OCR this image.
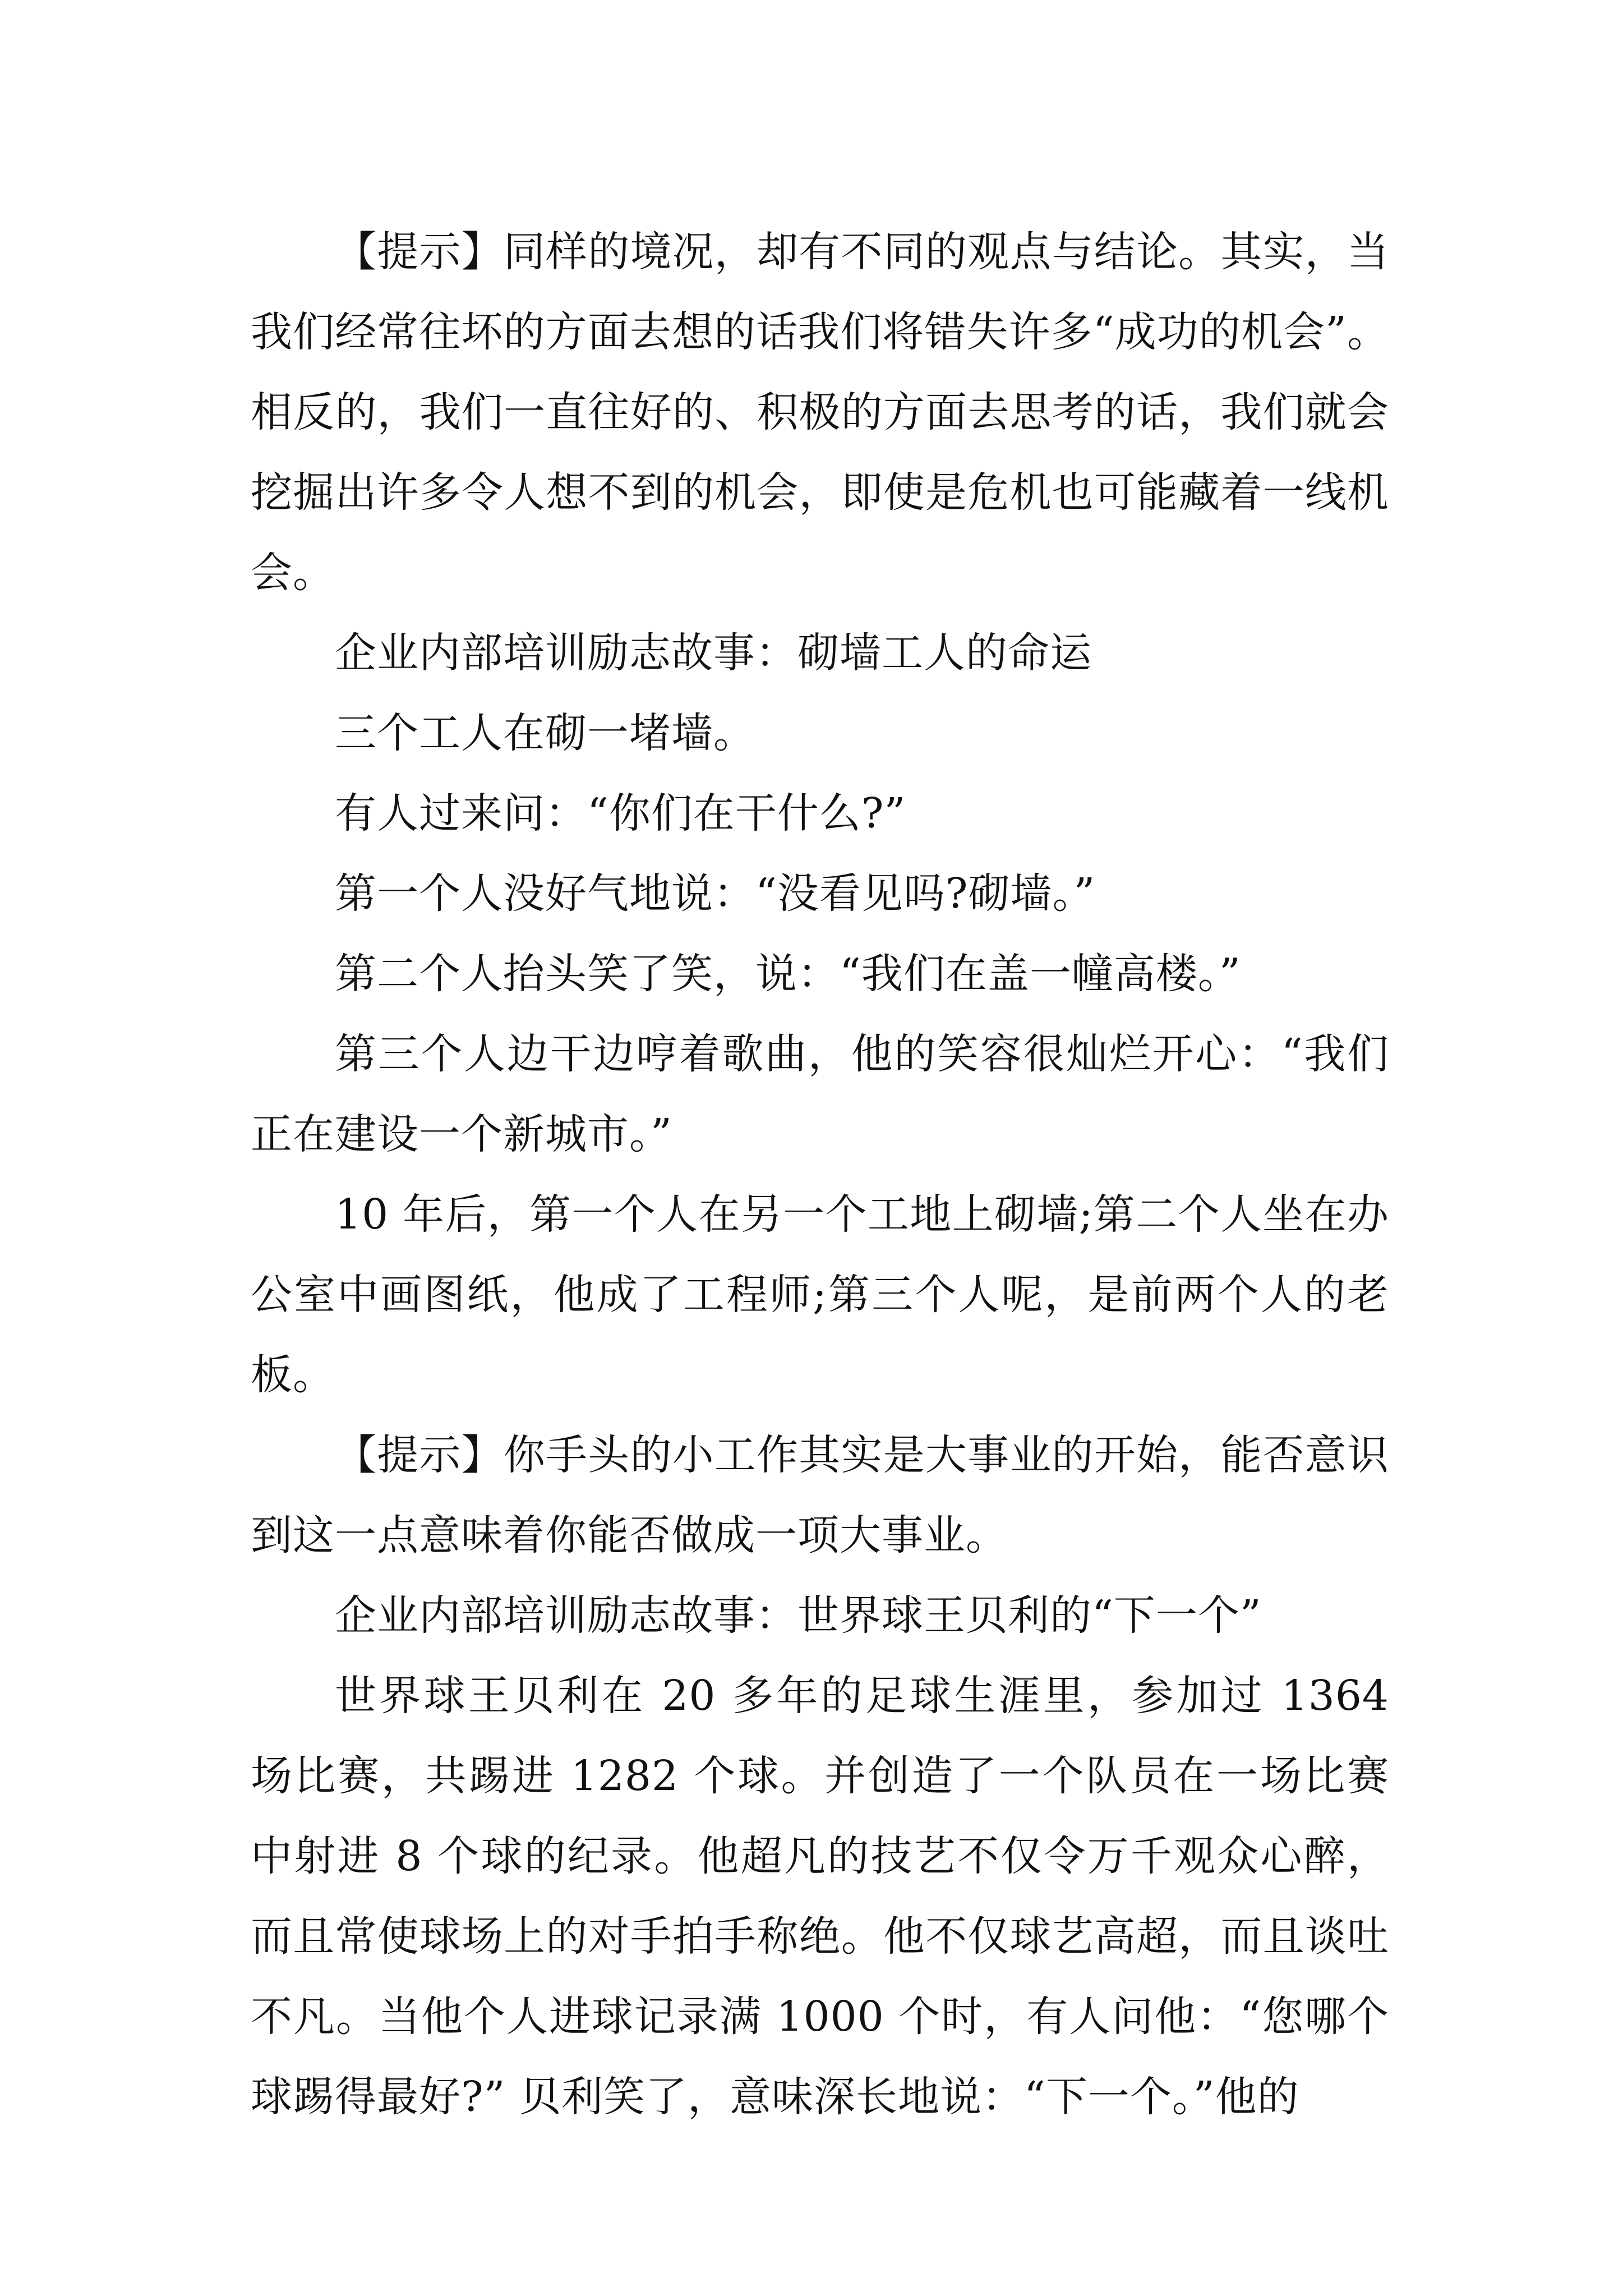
【提示】同样的境况，却有不同的观点与结论。其实，当我们经常往坏的方面去想的话我们将错失许多“成功的机会”。相反的，我们一直往好的、积极的方面去思考的话，我们就会挖掘出许多令人想不到的机会，即使是危机也可能藏着一线机会。

企业内部培训励志故事：砌墙工人的命运

三个工人在砌一堵墙。

有人过来问：“你们在干什么?”

第一个人没好气地说：“没看见吗?砌墙。”

第二个人抬头笑了笑，说：“我们在盖一幢高楼。”

第三个人边干边哼着歌曲，他的笑容很灿烂开心：“我们正在建设一个新城市。”

10 年后，第一个人在另一个工地上砌墙;第二个人坐在办公室中画图纸，他成了工程师;第三个人呢，是前两个人的老板。

【提示】你手头的小工作其实是大事业的开始，能否意识到这一点意味着你能否做成一项大事业。

企业内部培训励志故事：世界球王贝利的“下一个”

世界球王贝利在 20 多年的足球生涯里，参加过 1364 场比赛，共踢进 1282 个球。并创造了一个队员在一场比赛中射进 8 个球的纪录。他超凡的技艺不仅令万千观众心醉，而且常使球场上的对手拍手称绝。他不仅球艺高超，而且谈吐不凡。当他个人进球记录满 1000 个时，有人问他：“您哪个球踢得最好?” 贝利笑了，意味深长地说：“下一个。”他的
